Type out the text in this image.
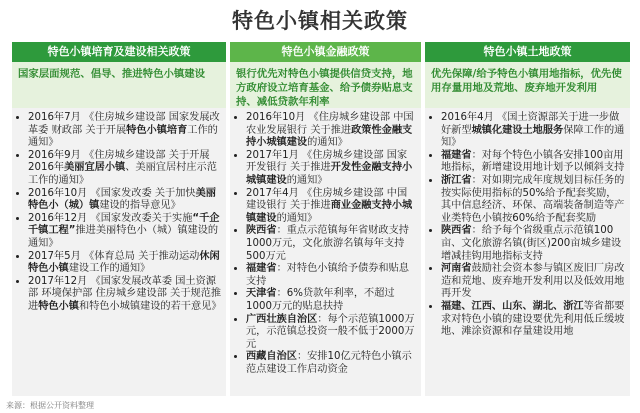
特色小镇相关政策
特色小镇培育及建设相关政策
国家层面规范、倡导、推进特色小镇建设
• 2016年7月 《住房城乡建设部 国家发展改革委 财政部 关于开展特色小镇培育工作的通知》
• 2016年9月 《住房城乡建设部 关于开展2016年美丽宜居小镇、美丽宜居村庄示范工作的通知》
• 2016年10月 《国家发改委 关于加快美丽特色小（城）镇建设的指导意见》
• 2016年12月 《国家发改委关于实施“千企千镇工程”推进美丽特色小（城）镇建设的通知》
• 2017年5月 《体育总局 关于推动运动休闲特色小镇建设工作的通知》
• 2017年12月 《国家发展改革委 国土资源部 环境保护部 住房城乡建设部 关于规范推进特色小镇和特色小城镇建设的若干意见》
特色小镇金融政策
银行优先对特色小镇提供信贷支持，地方政府设立培育基金、给予债券贴息支持、减低贷款年利率
• 2016年10月 《住房城乡建设部 中国农业发展银行 关于推进政策性金融支持小城镇建设的通知》
• 2017年1月 《住房城乡建设部 国家开发银行 关于推进开发性金融支持小城镇建设的通知》
• 2017年4月 《住房城乡建设部 中国建设银行 关于推进商业金融支持小城镇建设的通知》
• 陕西省：重点示范镇每年省财政支持1000万元，文化旅游名镇每年支持500万元
• 福建省：对特色小镇给予债券和贴息支持
• 天津省：6%贷款年利率，不超过1000万元的贴息扶持
• 广西壮族自治区：每个示范镇1000万元，示范镇总投资一般不低于2000万元
• 西藏自治区：安排10亿元特色小镇示范点建设工作启动资金
特色小镇土地政策
优先保障/给予特色小镇用地指标，优先使用存量用地及荒地、废弃地开发利用
• 2016年4月 《国土资源部关于进一步做好新型城镇化建设土地服务保障工作的通知》
• 福建省：对每个特色小镇各安排100亩用地指标，新增建设用地计划予以倾斜支持
• 浙江省：对如期完成年度规划目标任务的按实际使用指标的50%给予配套奖励，其中信息经济、环保、高端装备制造等产业类特色小镇按60%给予配套奖励
• 陕西省：给予每个省级重点示范镇100亩、文化旅游名镇(街区)200亩城乡建设增减挂钩用地指标支持
• 河南省鼓励社会资本参与镇区废旧厂房改造和荒地、废弃地开发利用以及低效用地再开发
• 福建、江西、山东、湖北、浙江等省都要求对特色小镇的建设要优先利用低丘缓坡地、滩涂资源和存量建设用地
来源：根据公开资料整理
